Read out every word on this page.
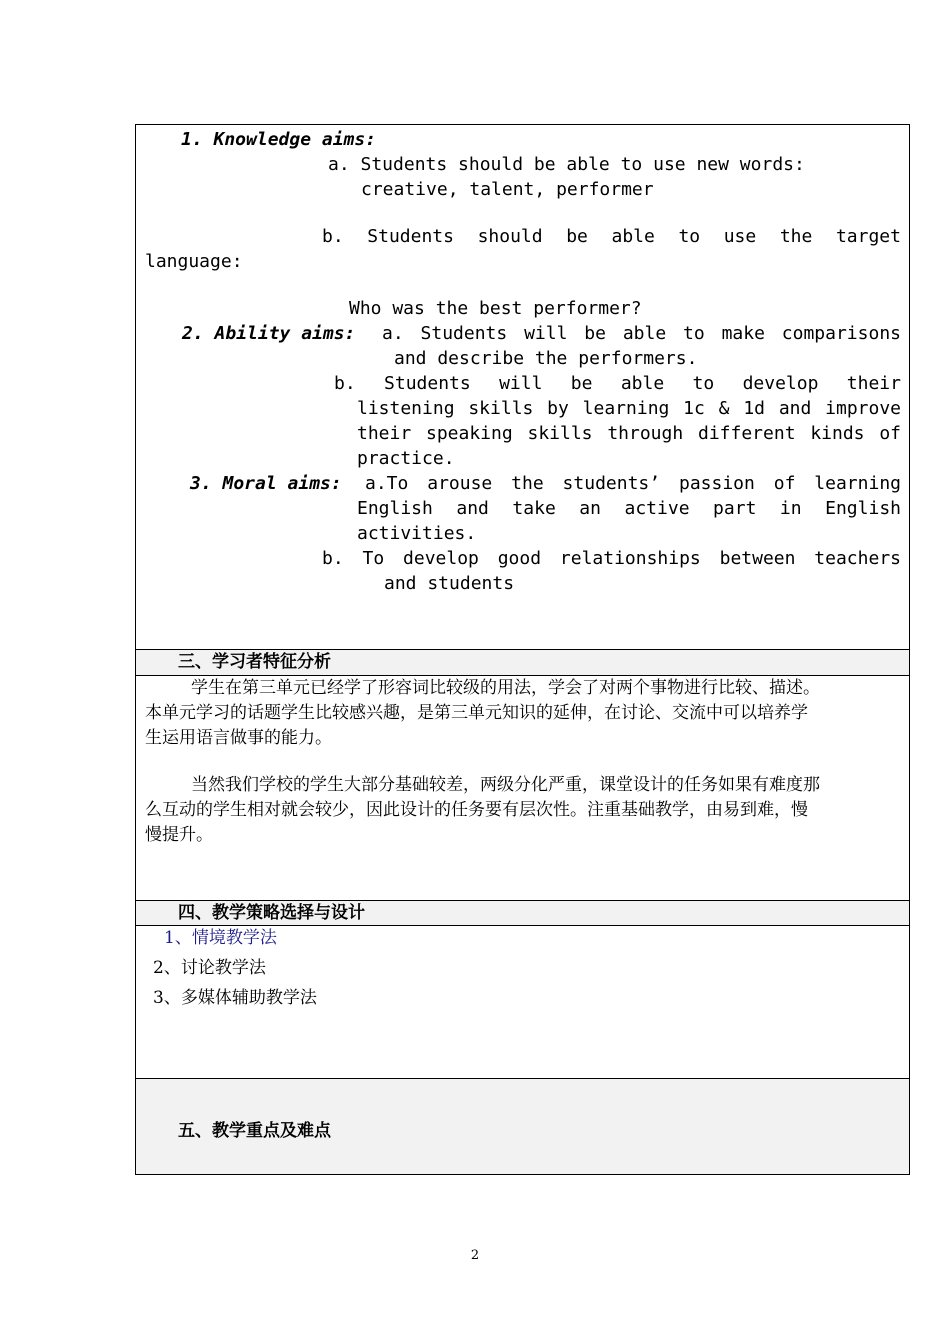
1. Knowledge aims:
a. Students should be able to use new words:
creative, talent, performer
b. Students should be able to use the target
language:
Who was the best performer?
2. Ability aims: a. Students will be able to make comparisons
and describe the performers.
b. Students will be able to develop their
listening skills by learning 1c & 1d and improve
their speaking skills through different kinds of
practice.
3. Moral aims: a.To arouse the students’ passion of learning
English and take an active part in English
activities.
b. To develop good relationships between teachers
and students
三、学习者特征分析
学生在第三单元已经学了形容词比较级的用法，学会了对两个事物进行比较、描述。
本单元学习的话题学生比较感兴趣，是第三单元知识的延伸，在讨论、交流中可以培养学
生运用语言做事的能力。
当然我们学校的学生大部分基础较差，两级分化严重，课堂设计的任务如果有难度那
么互动的学生相对就会较少，因此设计的任务要有层次性。注重基础教学，由易到难，慢
慢提升。
四、教学策略选择与设计
1、情境教学法
2、讨论教学法
3、多媒体辅助教学法
五、教学重点及难点
2
